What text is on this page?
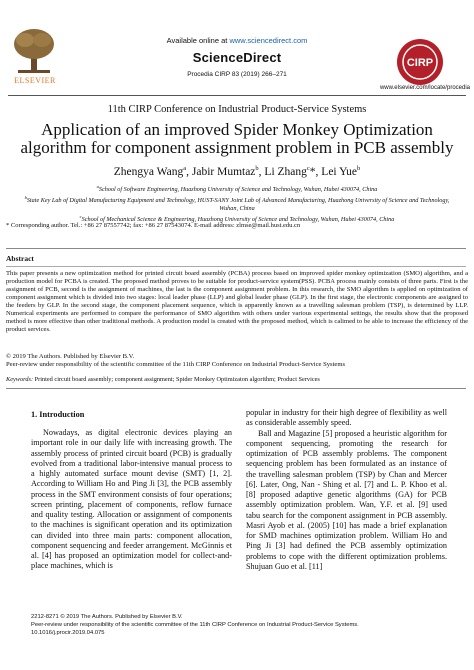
ELSEVIER
Available online at www.sciencedirect.com
ScienceDirect
Procedia CIRP 83 (2019) 266–271
CIRP
www.elsevier.com/locate/procedia
11th CIRP Conference on Industrial Product-Service Systems
Application of an improved Spider Monkey Optimization algorithm for component assignment problem in PCB assembly
Zhengya Wang$^a$, Jabir Mumtaz$^b$, Li Zhang$^c$*, Lei Yue$^b$
$^a$School of Software Engineering, Huazhong University of Science and Technology, Wuhan, Hubei 430074, China
$^b$State Key Lab of Digital Manufacturing Equipment and Technology, HUST-SANY Joint Lab of Advanced Manufacturing, Huazhong University of Science and Technology, Wuhan, China
$^c$School of Mechanical Science & Engineering, Huazhong University of Science and Technology, Wuhan, Hubei 430074, China
* Corresponding author. Tel.: +86 27 87557742; fax: +86 27 87543074. E-mail address: zlmse@mail.hust.edu.cn
Abstract
This paper presents a new optimization method for printed circuit board assembly (PCBA) process based on improved spider monkey optimization (SMO) algorithm, and a production model for PCBA is created. The proposed method proves to be suitable for product-service system(PSS). PCBA process mainly consists of three parts. First is the assignment of PCB, second is the assignment of machines, the last is the component assignment problem. In this research, the SMO algorithm is applied on optimization of component assignment which is divided into two stages: local leader phase (LLP) and global leader phase (GLP). In the first stage, the electronic components are assigned to the feeders by GLP. In the second stage, the component placement sequence, which is apparently known as a travelling salesman problem (TSP), is determined by LLP. Numerical experiments are performed to compare the performance of SMO algorithm with others under various experimental settings, the results show that the proposed method is more effective than other traditional methods. A production model is created with the proposed method, which is calimed to be able to increase the efficiency of the product services.
© 2019 The Authors. Published by Elsevier B.V.
Peer-review under responsibility of the scientific committee of the 11th CIRP Conference on Industrial Product-Service Systems
Keywords: Printed circuit board assembly; component assignment; Spider Monkey Optimizaton algorithm; Product Services
1. Introduction

Nowadays, as digital electronic devices playing an important role in our daily life with increasing growth. The assembly process of printed circuit board (PCB) is gradually evolved from a traditional labor-intensive manual process to a highly automated surface mount devise (SMT) [1, 2]. According to William Ho and Ping Ji [3], the PCB assembly process in the SMT environment consists of four operations; screen printing, placement of components, reflow furnace and quality testing. Allocation or assignment of components to the machines is significant operation and its optimization can divided into three main parts: component allocation, component sequencing and feeder arrangement. McGinnis et al. [4] has proposed an optimization model for collect-and-place machines, which is

popular in industry for their high degree of flexibility as well as considerable assembly speed.

Ball and Magazine [5] proposed a heuristic algorithm for component sequencing, promoting the research for optimization of PCB assembly problems. The component sequencing problem has been formulated as an instance of the travelling salesman problem (TSP) by Chan and Mercer [6]. Later, Ong, Nan - Shing et al. [7] and L. P. Khoo et al. [8] proposed adaptive genetic algorithms (GA) for PCB assembly optimization problem. Wan, Y.F. et al. [9] used tabu search for the component assignment in PCB assembly. Masri Ayob et al. (2005) [10] has made a brief explanation for SMD machines optimization problem. William Ho and Ping Ji [3] had defined the PCB assembly optimization problems to cope with the different optimization problems. Shujuan Guo et al. [11]

2212-8271 © 2019 The Authors. Published by Elsevier B.V.
Peer-review under responsibility of the scientific committee of the 11th CIRP Conference on Industrial Product-Service Systems.
10.1016/j.procir.2019.04.075
